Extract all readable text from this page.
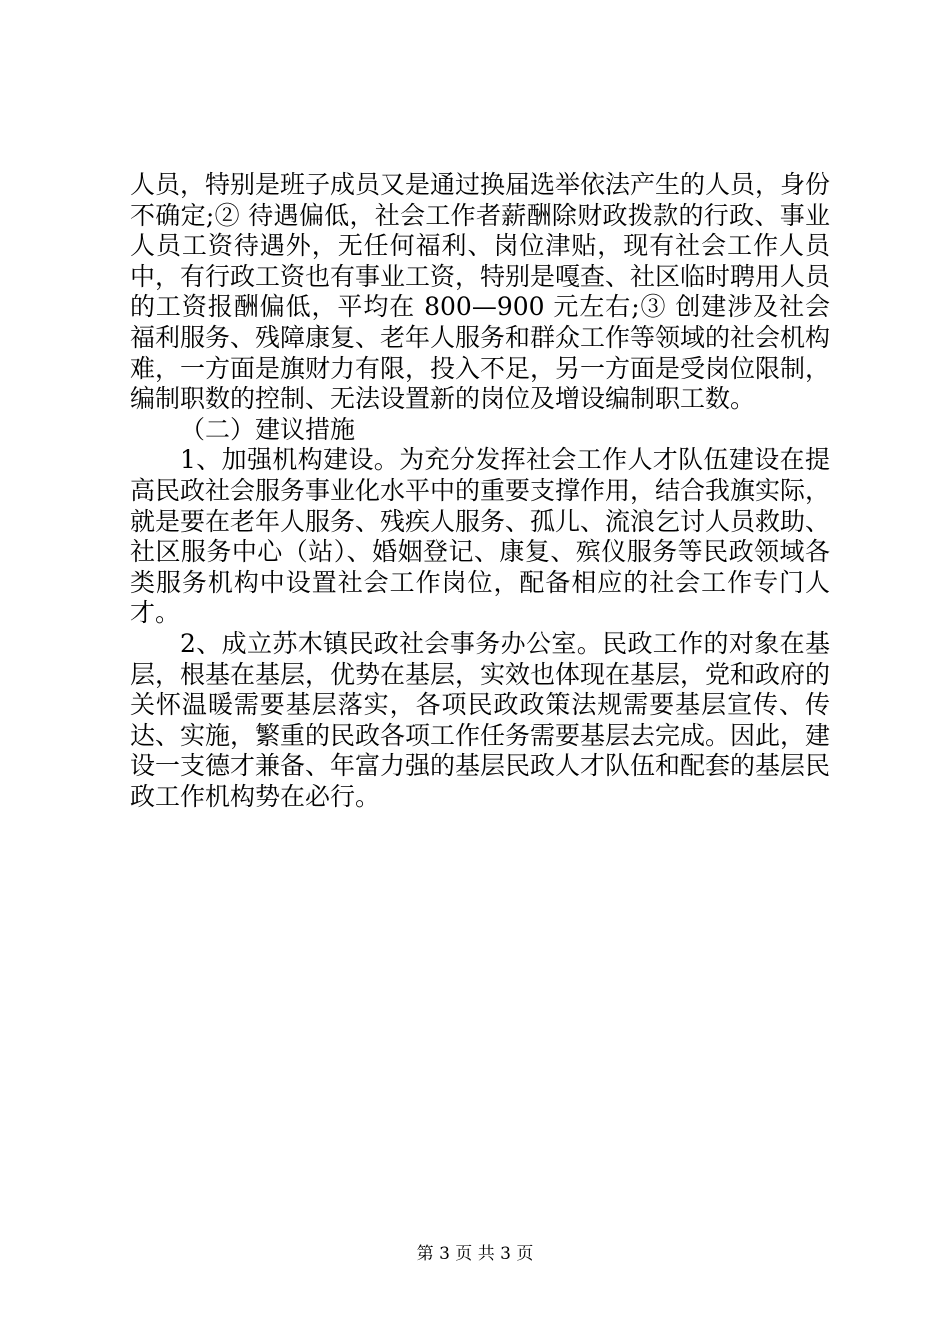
人员，特别是班子成员又是通过换届选举依法产生的人员，身份不确定;② 待遇偏低，社会工作者薪酬除财政拨款的行政、事业人员工资待遇外，无任何福利、岗位津贴，现有社会工作人员中，有行政工资也有事业工资，特别是嘎查、社区临时聘用人员的工资报酬偏低，平均在 800—900 元左右;③ 创建涉及社会福利服务、残障康复、老年人服务和群众工作等领域的社会机构难，一方面是旗财力有限，投入不足，另一方面是受岗位限制，编制职数的控制、无法设置新的岗位及增设编制职工数。

（二）建议措施

1、加强机构建设。为充分发挥社会工作人才队伍建设在提高民政社会服务事业化水平中的重要支撑作用，结合我旗实际，就是要在老年人服务、残疾人服务、孤儿、流浪乞讨人员救助、社区服务中心（站）、婚姻登记、康复、殡仪服务等民政领域各类服务机构中设置社会工作岗位，配备相应的社会工作专门人才。

2、成立苏木镇民政社会事务办公室。民政工作的对象在基层，根基在基层，优势在基层，实效也体现在基层，党和政府的关怀温暖需要基层落实，各项民政政策法规需要基层宣传、传达、实施，繁重的民政各项工作任务需要基层去完成。因此，建设一支德才兼备、年富力强的基层民政人才队伍和配套的基层民政工作机构势在必行。

第 3 页 共 3 页
